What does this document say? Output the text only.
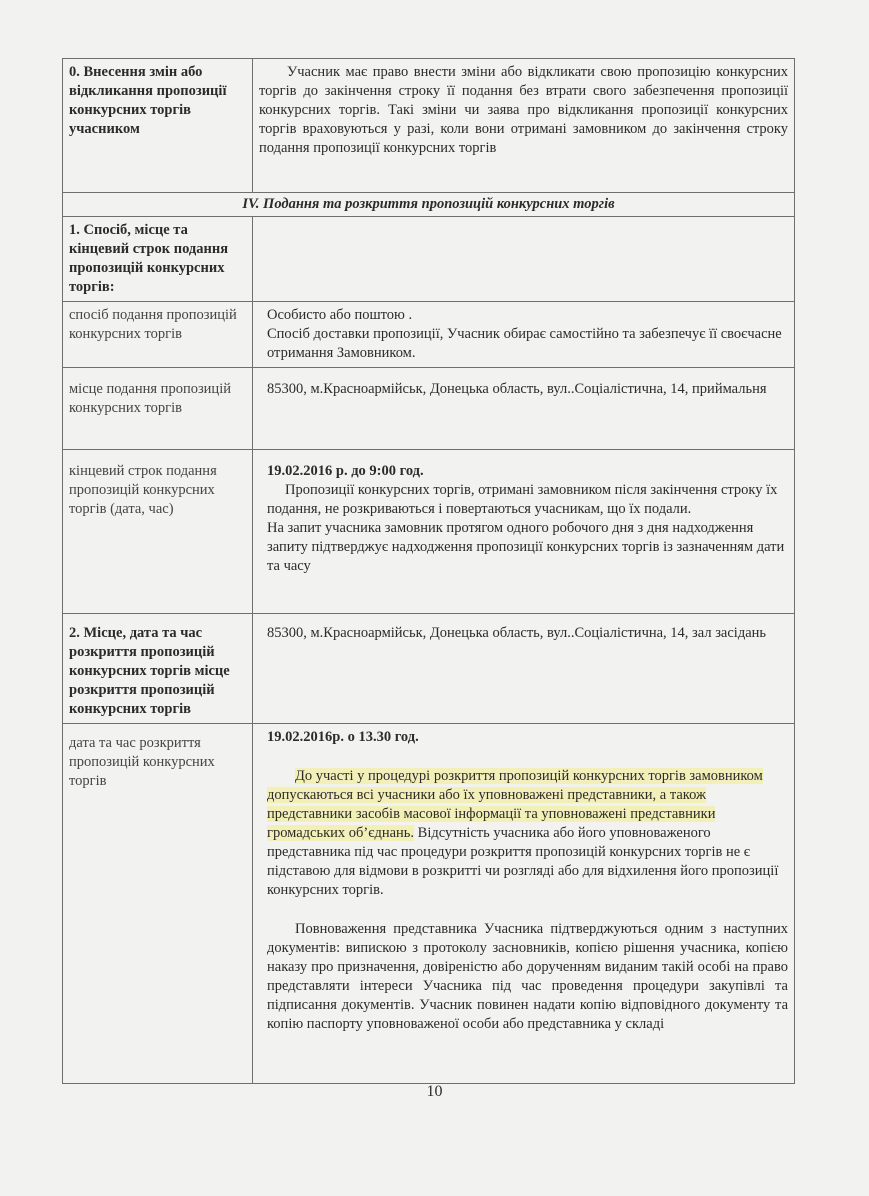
0. Внесення змін або відкликання пропозиції конкурсних торгів учасником	Учасник має право внести зміни або відкликати свою пропозицію конкурсних торгів до закінчення строку її подання без втрати свого забезпечення пропозиції конкурсних торгів. Такі зміни чи заява про відкликання пропозиції конкурсних торгів враховуються у разі, коли вони отримані замовником до закінчення строку подання пропозиції конкурсних торгів
IV. Подання та розкриття пропозицій конкурсних торгів	
1. Спосіб, місце та кінцевий строк подання пропозицій конкурсних торгів:	
спосіб подання пропозицій конкурсних торгів	Особисто або поштою .

Спосіб доставки пропозиції, Учасник обирає самостійно та забезпечує її своєчасне отримання Замовником.

місце подання пропозицій конкурсних торгів	85300, м.Красноармійськ, Донецька область, вул..Соціалістична, 14, приймальня
кінцевий строк подання пропозицій конкурсних торгів (дата, час)	19.02.2016 р. до 9:00 год.

Пропозиції конкурсних торгів, отримані замовником після закінчення строку їх подання, не розкриваються і повертаються учасникам, що їх подали.

На запит учасника замовник протягом одного робочого дня з дня надходження запиту підтверджує надходження пропозиції конкурсних торгів із зазначенням дати та часу

2. Місце, дата та час розкриття пропозицій конкурсних торгів місце розкриття пропозицій конкурсних торгів	85300, м.Красноармійськ, Донецька область, вул..Соціалістична, 14, зал засідань
дата та час розкриття пропозицій конкурсних торгів	19.02.2016р. о 13.30 год.

До участі у процедурі розкриття пропозицій конкурсних торгів замовником допускаються всі учасники або їх уповноважені представники, а також представники засобів масової інформації та уповноважені представники громадських об’єднань. Відсутність учасника або його уповноваженого представника під час процедури розкриття пропозицій конкурсних торгів не є підставою для відмови в розкритті чи розгляді або для відхилення його пропозиції конкурсних торгів.

Повноваження представника Учасника підтверджуються одним з наступних документів: випискою з протоколу засновників, копією рішення учасника, копією наказу про призначення, довіреністю або дорученням виданим такій особі на право представляти інтереси Учасника під час проведення процедури закупівлі та підписання документів. Учасник повинен надати копію відповідного документу та копію паспорту уповноваженої особи або представника у складі

10
